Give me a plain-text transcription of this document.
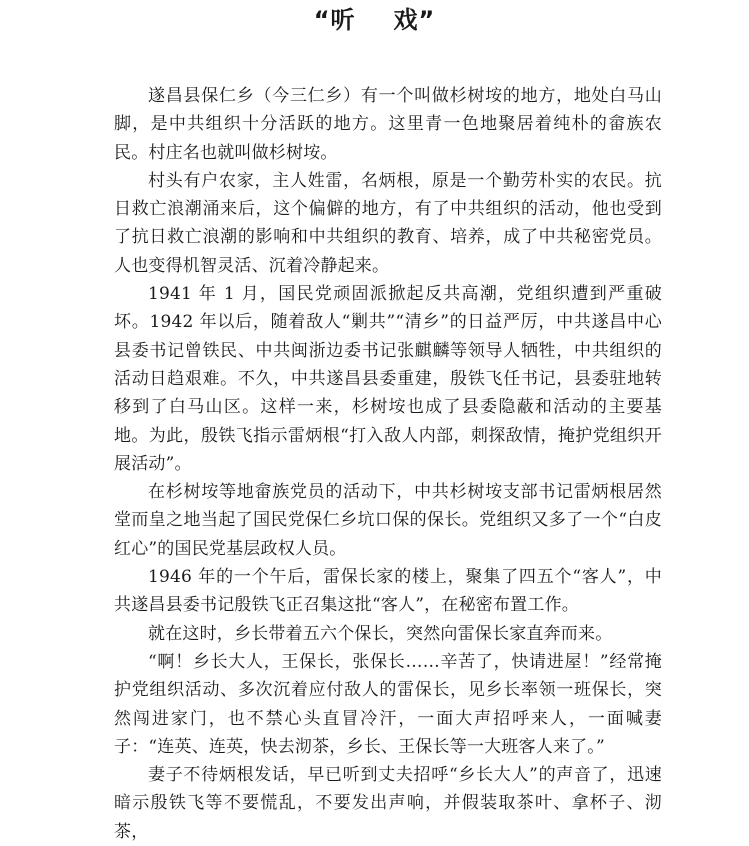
“听 戏”

遂昌县保仁乡（今三仁乡）有一个叫做杉树垵的地方，地处白马山脚，是中共组织十分活跃的地方。这里青一色地聚居着纯朴的畲族农民。村庄名也就叫做杉树垵。

村头有户农家，主人姓雷，名炳根，原是一个勤劳朴实的农民。抗日救亡浪潮涌来后，这个偏僻的地方，有了中共组织的活动，他也受到了抗日救亡浪潮的影响和中共组织的教育、培养，成了中共秘密党员。人也变得机智灵活、沉着冷静起来。

1941 年 1 月，国民党顽固派掀起反共高潮，党组织遭到严重破坏。1942 年以后，随着敌人“剿共”“清乡”的日益严厉，中共遂昌中心县委书记曾铁民、中共闽浙边委书记张麒麟等领导人牺牲，中共组织的活动日趋艰难。不久，中共遂昌县委重建，殷铁飞任书记，县委驻地转移到了白马山区。这样一来，杉树垵也成了县委隐蔽和活动的主要基地。为此，殷铁飞指示雷炳根“打入敌人内部，刺探敌情，掩护党组织开展活动”。

在杉树垵等地畲族党员的活动下，中共杉树垵支部书记雷炳根居然堂而皇之地当起了国民党保仁乡坑口保的保长。党组织又多了一个“白皮红心”的国民党基层政权人员。

1946 年的一个午后，雷保长家的楼上，聚集了四五个“客人”，中共遂昌县委书记殷铁飞正召集这批“客人”，在秘密布置工作。

就在这时，乡长带着五六个保长，突然向雷保长家直奔而来。

“啊！乡长大人，王保长，张保长……辛苦了，快请进屋！”经常掩护党组织活动、多次沉着应付敌人的雷保长，见乡长率领一班保长，突然闯进家门，也不禁心头直冒冷汗，一面大声招呼来人，一面喊妻子：“连英、连英，快去沏茶，乡长、王保长等一大班客人来了。”

妻子不待炳根发话，早已听到丈夫招呼“乡长大人”的声音了，迅速暗示殷铁飞等不要慌乱，不要发出声响，并假装取茶叶、拿杯子、沏茶，
